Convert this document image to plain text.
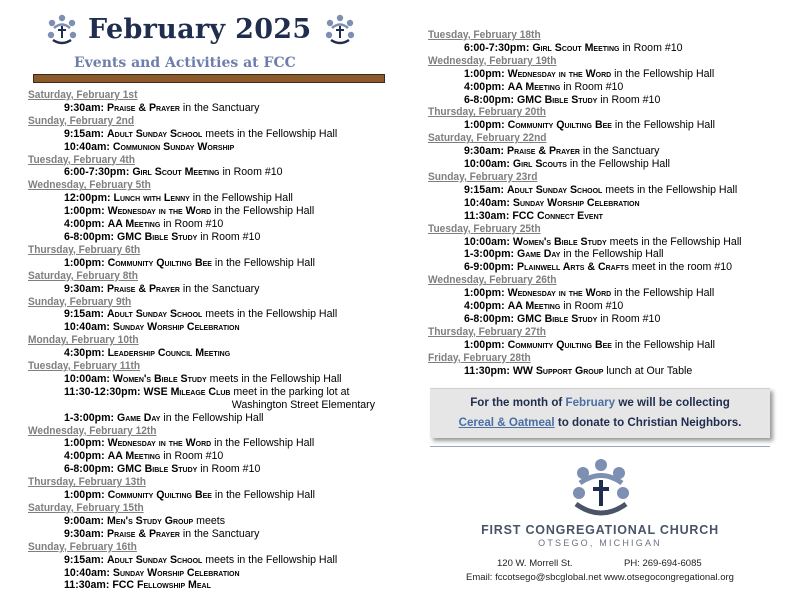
February 2025
Events and Activities at FCC
Saturday, February 1st
9:30am: Praise & Prayer in the Sanctuary
Sunday, February 2nd
9:15am: Adult Sunday School meets in the Fellowship Hall
10:40am: Communion Sunday Worship
Tuesday, February 4th
6:00-7:30pm: Girl Scout Meeting in Room #10
Wednesday, February 5th
12:00pm: Lunch with Lenny in the Fellowship Hall
1:00pm: Wednesday in the Word in the Fellowship Hall
4:00pm: AA Meeting in Room #10
6-8:00pm: GMC Bible Study in Room #10
Thursday, February 6th
1:00pm: Community Quilting Bee in the Fellowship Hall
Saturday, February 8th
9:30am: Praise & Prayer in the Sanctuary
Sunday, February 9th
9:15am: Adult Sunday School meets in the Fellowship Hall
10:40am: Sunday Worship Celebration
Monday, February 10th
4:30pm: Leadership Council Meeting
Tuesday, February 11th
10:00am: Women's Bible Study meets in the Fellowship Hall
11:30-12:30pm: WSE Mileage Club meet in the parking lot at
Washington Street Elementary
1-3:00pm: Game Day in the Fellowship Hall
Wednesday, February 12th
1:00pm: Wednesday in the Word in the Fellowship Hall
4:00pm: AA Meeting in Room #10
6-8:00pm: GMC Bible Study in Room #10
Thursday, February 13th
1:00pm: Community Quilting Bee in the Fellowship Hall
Saturday, February 15th
9:00am: Men's Study Group meets
9:30am: Praise & Prayer in the Sanctuary
Sunday, February 16th
9:15am: Adult Sunday School meets in the Fellowship Hall
10:40am: Sunday Worship Celebration
11:30am: FCC Fellowship Meal
Tuesday, February 18th
6:00-7:30pm: Girl Scout Meeting in Room #10
Wednesday, February 19th
1:00pm: Wednesday in the Word in the Fellowship Hall
4:00pm: AA Meeting in Room #10
6-8:00pm: GMC Bible Study in Room #10
Thursday, February 20th
1:00pm: Community Quilting Bee in the Fellowship Hall
Saturday, February 22nd
9:30am: Praise & Prayer in the Sanctuary
10:00am: Girl Scouts in the Fellowship Hall
Sunday, February 23rd
9:15am: Adult Sunday School meets in the Fellowship Hall
10:40am: Sunday Worship Celebration
11:30am: FCC Connect Event
Tuesday, February 25th
10:00am: Women's Bible Study meets in the Fellowship Hall
1-3:00pm: Game Day in the Fellowship Hall
6-9:00pm: Plainwell Arts & Crafts meet in the room #10
Wednesday, February 26th
1:00pm: Wednesday in the Word in the Fellowship Hall
4:00pm: AA Meeting in Room #10
6-8:00pm: GMC Bible Study in Room #10
Thursday, February 27th
1:00pm: Community Quilting Bee in the Fellowship Hall
Friday, February 28th
11:30pm: WW Support Group lunch at Our Table
For the month of February we will be collecting
Cereal & Oatmeal to donate to Christian Neighbors.
FIRST CONGREGATIONAL CHURCH
OTSEGO, MICHIGAN
120 W. Morrell St.	PH: 269-694-6085
Email: fccotsego@sbcglobal.net www.otsegocongregational.org
